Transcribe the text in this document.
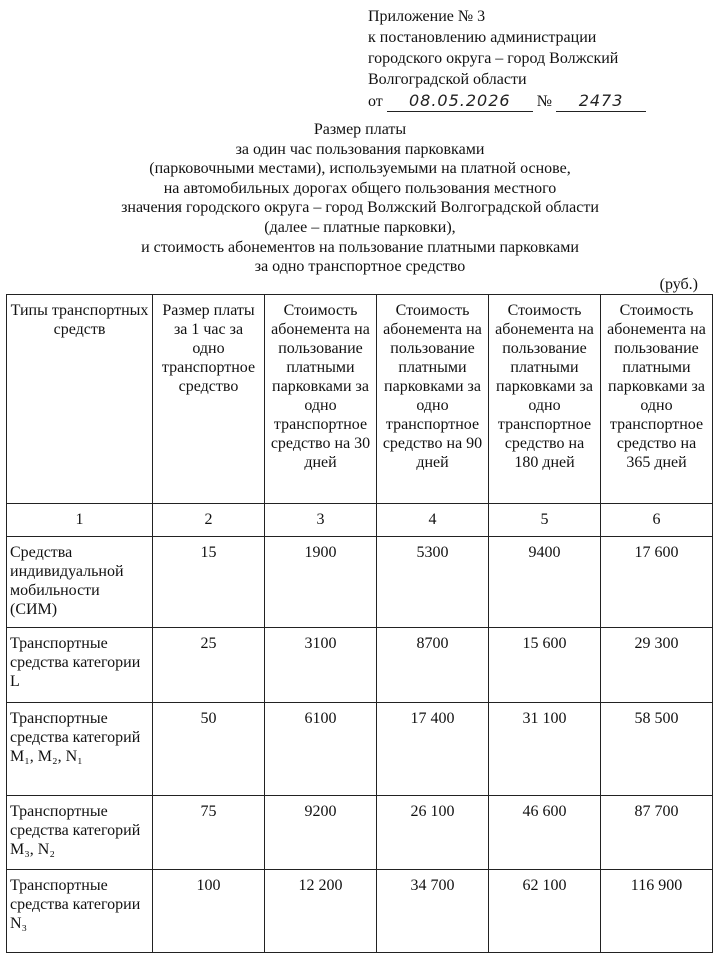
Приложение № 3
к постановлению администрации
городского округа – город Волжский
Волгоградской области
от 08.05.2026 № 2473
Размер платы
за один час пользования парковками
(парковочными местами), используемыми на платной основе,
на автомобильных дорогах общего пользования местного
значения городского округа – город Волжский Волгоградской области
(далее – платные парковки),
и стоимость абонементов на пользование платными парковками
за одно транспортное средство
(руб.)
Типы транспортных средств	Размер платы за 1 час за одно транспортное средство	Стоимость абонемента на пользование платными парковками за одно транспортное средство на 30 дней	Стоимость абонемента на пользование платными парковками за одно транспортное средство на 90 дней	Стоимость абонемента на пользование платными парковками за одно транспортное средство на 180 дней	Стоимость абонемента на пользование платными парковками за одно транспортное средство на 365 дней
1	2	3	4	5	6
Средства индивидуальной мобильности (СИМ)	15	1900	5300	9400	17 600
Транспортные средства категории L	25	3100	8700	15 600	29 300
Транспортные средства категорий M₁, M₂, N₁	50	6100	17 400	31 100	58 500
Транспортные средства категорий M₃, N₂	75	9200	26 100	46 600	87 700
Транспортные средства категории N₃	100	12 200	34 700	62 100	116 900
